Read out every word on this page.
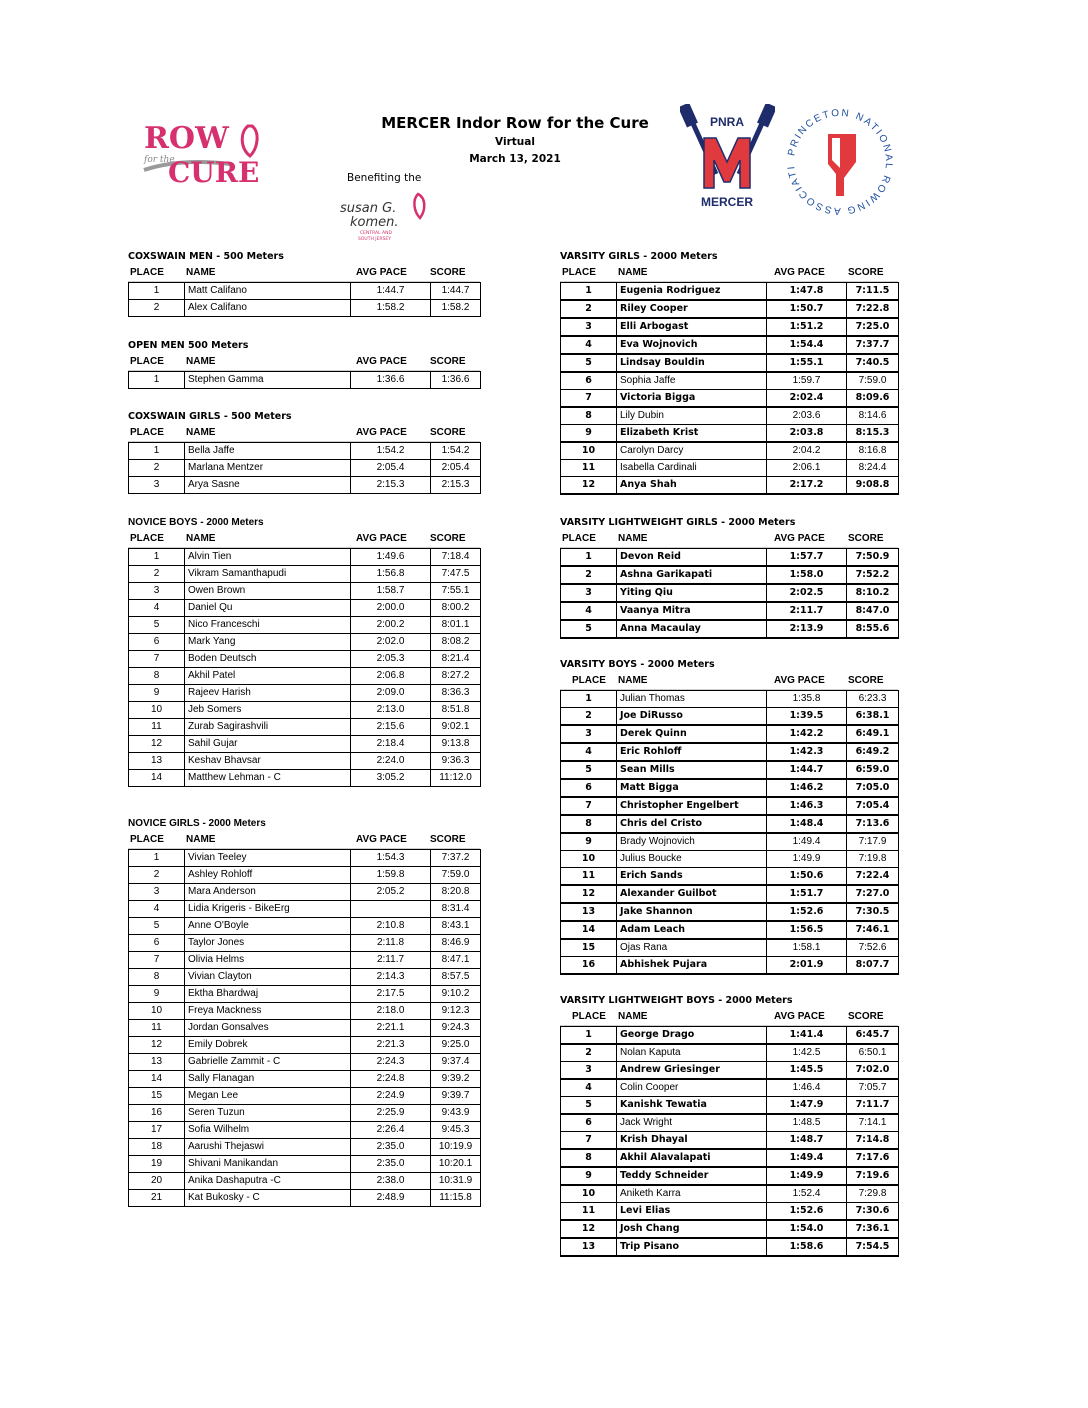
ROW
for the
CURE
MERCER Indor Row for the Cure
Virtual
March 13, 2021
Benefiting the
susan G.
komen.
CENTRAL AND
SOUTH JERSEY
PNRA
MERCER
PRINCETON NATIONAL ROWING ASSOCIATI
COXSWAIN MEN - 500 Meters
PLACE NAME	AVG PACE SCORE
1	Matt Califano	1:44.7	1:44.7
2	Alex Califano	1:58.2	1:58.2
OPEN MEN 500 Meters
PLACE NAME	AVG PACE SCORE
1	Stephen Gamma	1:36.6	1:36.6
COXSWAIN GIRLS - 500 Meters
PLACE NAME	AVG PACE SCORE
1	Bella Jaffe	1:54.2	1:54.2
2	Marlana Mentzer	2:05.4	2:05.4
3	Arya Sasne	2:15.3	2:15.3
NOVICE BOYS - 2000 Meters
PLACE NAME	AVG PACE SCORE
1	Alvin Tien	1:49.6	7:18.4
2	Vikram Samanthapudi	1:56.8	7:47.5
3	Owen Brown	1:58.7	7:55.1
4	Daniel Qu	2:00.0	8:00.2
5	Nico Franceschi	2:00.2	8:01.1
6	Mark Yang	2:02.0	8:08.2
7	Boden Deutsch	2:05.3	8:21.4
8	Akhil Patel	2:06.8	8:27.2
9	Rajeev Harish	2:09.0	8:36.3
10	Jeb Somers	2:13.0	8:51.8
11	Zurab Sagirashvili	2:15.6	9:02.1
12	Sahil Gujar	2:18.4	9:13.8
13	Keshav Bhavsar	2:24.0	9:36.3
14	Matthew Lehman - C	3:05.2	11:12.0
NOVICE GIRLS - 2000 Meters
PLACE NAME	AVG PACE SCORE
1	Vivian Teeley	1:54.3	7:37.2
2	Ashley Rohloff	1:59.8	7:59.0
3	Mara Anderson	2:05.2	8:20.8
4	Lidia Krigeris - BikeErg		8:31.4
5	Anne O'Boyle	2:10.8	8:43.1
6	Taylor Jones	2:11.8	8:46.9
7	Olivia Helms	2:11.7	8:47.1
8	Vivian Clayton	2:14.3	8:57.5
9	Ektha Bhardwaj	2:17.5	9:10.2
10	Freya Mackness	2:18.0	9:12.3
11	Jordan Gonsalves	2:21.1	9:24.3
12	Emily Dobrek	2:21.3	9:25.0
13	Gabrielle Zammit - C	2:24.3	9:37.4
14	Sally Flanagan	2:24.8	9:39.2
15	Megan Lee	2:24.9	9:39.7
16	Seren Tuzun	2:25.9	9:43.9
17	Sofia Wilhelm	2:26.4	9:45.3
18	Aarushi Thejaswi	2:35.0	10:19.9
19	Shivani Manikandan	2:35.0	10:20.1
20	Anika Dashaputra -C	2:38.0	10:31.9
21	Kat Bukosky - C	2:48.9	11:15.8
VARSITY GIRLS - 2000 Meters
PLACE NAME	AVG PACE SCORE
1	Eugenia Rodriguez	1:47.8	7:11.5
2	Riley Cooper	1:50.7	7:22.8
3	Elli Arbogast	1:51.2	7:25.0
4	Eva Wojnovich	1:54.4	7:37.7
5	Lindsay Bouldin	1:55.1	7:40.5
6	Sophia Jaffe	1:59.7	7:59.0
7	Victoria Bigga	2:02.4	8:09.6
8	Lily Dubin	2:03.6	8:14.6
9	Elizabeth Krist	2:03.8	8:15.3
10	Carolyn Darcy	2:04.2	8:16.8
11	Isabella Cardinali	2:06.1	8:24.4
12	Anya Shah	2:17.2	9:08.8
VARSITY LIGHTWEIGHT GIRLS - 2000 Meters
PLACE NAME	AVG PACE SCORE
1	Devon Reid	1:57.7	7:50.9
2	Ashna Garikapati	1:58.0	7:52.2
3	Yiting Qiu	2:02.5	8:10.2
4	Vaanya Mitra	2:11.7	8:47.0
5	Anna Macaulay	2:13.9	8:55.6
VARSITY BOYS - 2000 Meters
PLACE NAME	AVG PACE SCORE
1	Julian Thomas	1:35.8	6:23.3
2	Joe DiRusso	1:39.5	6:38.1
3	Derek Quinn	1:42.2	6:49.1
4	Eric Rohloff	1:42.3	6:49.2
5	Sean Mills	1:44.7	6:59.0
6	Matt Bigga	1:46.2	7:05.0
7	Christopher Engelbert	1:46.3	7:05.4
8	Chris del Cristo	1:48.4	7:13.6
9	Brady Wojnovich	1:49.4	7:17.9
10	Julius Boucke	1:49.9	7:19.8
11	Erich Sands	1:50.6	7:22.4
12	Alexander Guilbot	1:51.7	7:27.0
13	Jake Shannon	1:52.6	7:30.5
14	Adam Leach	1:56.5	7:46.1
15	Ojas Rana	1:58.1	7:52.6
16	Abhishek Pujara	2:01.9	8:07.7
VARSITY LIGHTWEIGHT BOYS - 2000 Meters
PLACE NAME	AVG PACE SCORE
1	George Drago	1:41.4	6:45.7
2	Nolan Kaputa	1:42.5	6:50.1
3	Andrew Griesinger	1:45.5	7:02.0
4	Colin Cooper	1:46.4	7:05.7
5	Kanishk Tewatia	1:47.9	7:11.7
6	Jack Wright	1:48.5	7:14.1
7	Krish Dhayal	1:48.7	7:14.8
8	Akhil Alavalapati	1:49.4	7:17.6
9	Teddy Schneider	1:49.9	7:19.6
10	Aniketh Karra	1:52.4	7:29.8
11	Levi Elias	1:52.6	7:30.6
12	Josh Chang	1:54.0	7:36.1
13	Trip Pisano	1:58.6	7:54.5
